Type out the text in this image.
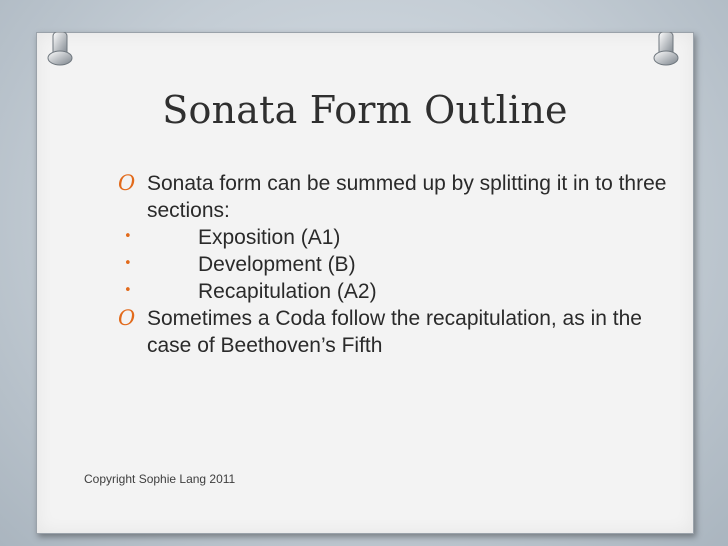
Sonata Form Outline
O Sonata form can be summed up by splitting it in to three sections:
•	Exposition (A1)
•	Development (B)
•	Recapitulation (A2)
O Sometimes a Coda follow the recapitulation, as in the case of Beethoven’s Fifth
Copyright Sophie Lang 2011
